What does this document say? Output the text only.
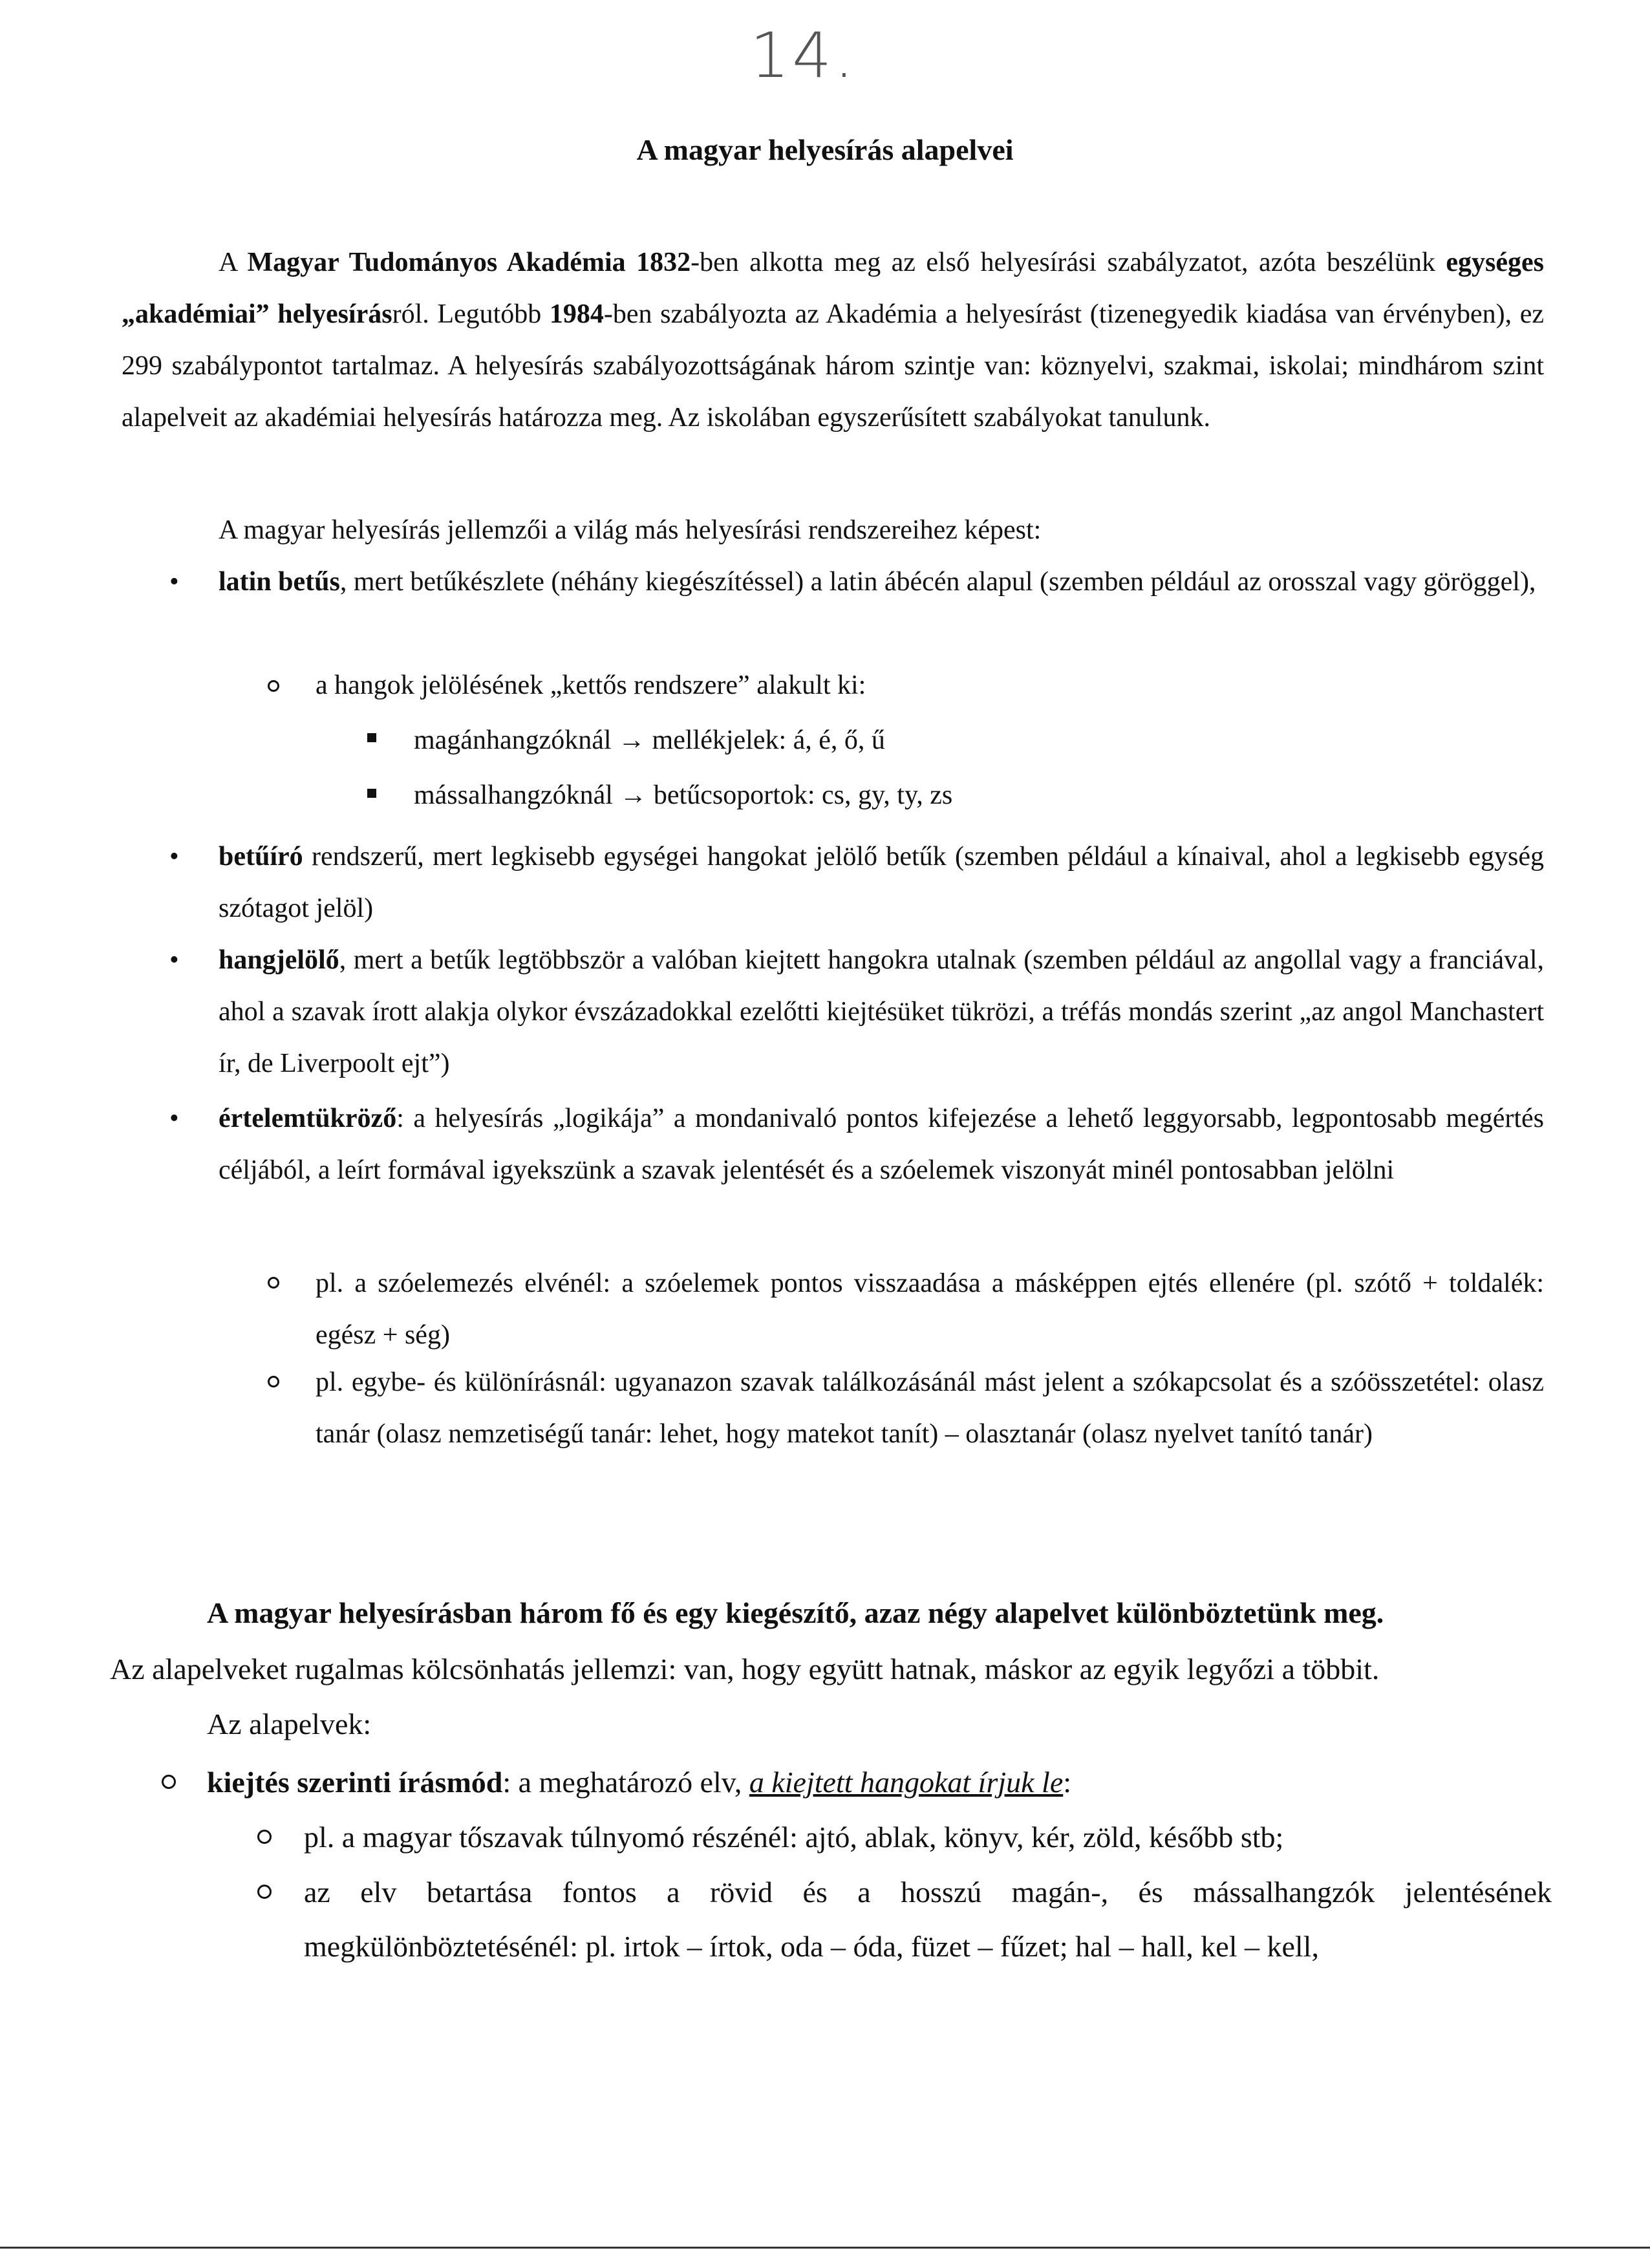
14.
A magyar helyesírás alapelvei
A Magyar Tudományos Akadémia 1832-ben alkotta meg az első helyesírási szabályzatot, azóta beszélünk egységes „akadémiai” helyesírásról. Legutóbb 1984-ben szabályozta az Akadémia a helyesírást (tizenegyedik kiadása van érvényben), ez 299 szabálypontot tartalmaz. A helyesírás szabályozottságának három szintje van: köznyelvi, szakmai, iskolai; mindhárom szint alapelveit az akadémiai helyesírás határozza meg. Az iskolában egyszerűsített szabályokat tanulunk.
A magyar helyesírás jellemzői a világ más helyesírási rendszereihez képest:
• latin betűs, mert betűkészlete (néhány kiegészítéssel) a latin ábécén alapul (szemben például az orosszal vagy göröggel),
a hangok jelölésének „kettős rendszere” alakult ki:
magánhangzóknál → mellékjelek: á, é, ő, ű
mássalhangzóknál → betűcsoportok: cs, gy, ty, zs
• betűíró rendszerű, mert legkisebb egységei hangokat jelölő betűk (szemben például a kínaival, ahol a legkisebb egység szótagot jelöl)
• hangjelölő, mert a betűk legtöbbször a valóban kiejtett hangokra utalnak (szemben például az angollal vagy a franciával, ahol a szavak írott alakja olykor évszázadokkal ezelőtti kiejtésüket tükrözi, a tréfás mondás szerint „az angol Manchastert ír, de Liverpoolt ejt”)
• értelemtükröző: a helyesírás „logikája” a mondanivaló pontos kifejezése a lehető leggyorsabb, legpontosabb megértés céljából, a leírt formával igyekszünk a szavak jelentését és a szóelemek viszonyát minél pontosabban jelölni
pl. a szóelemezés elvénél: a szóelemek pontos visszaadása a másképpen ejtés ellenére (pl. szótő + toldalék: egész + ség)
pl. egybe- és különírásnál: ugyanazon szavak találkozásánál mást jelent a szókapcsolat és a szóösszetétel: olasz tanár (olasz nemzetiségű tanár: lehet, hogy matekot tanít) – olasztanár (olasz nyelvet tanító tanár)
A magyar helyesírásban három fő és egy kiegészítő, azaz négy alapelvet különböztetünk meg.
Az alapelveket rugalmas kölcsönhatás jellemzi: van, hogy együtt hatnak, máskor az egyik legyőzi a többit.
Az alapelvek:
kiejtés szerinti írásmód: a meghatározó elv, a kiejtett hangokat írjuk le:
pl. a magyar tőszavak túlnyomó részénél: ajtó, ablak, könyv, kér, zöld, később stb;
az elv betartása fontos a rövid és a hosszú magán-, és mássalhangzók jelentésének megkülönböztetésénél: pl. irtok – írtok, oda – óda, füzet – fűzet; hal – hall, kel – kell,
